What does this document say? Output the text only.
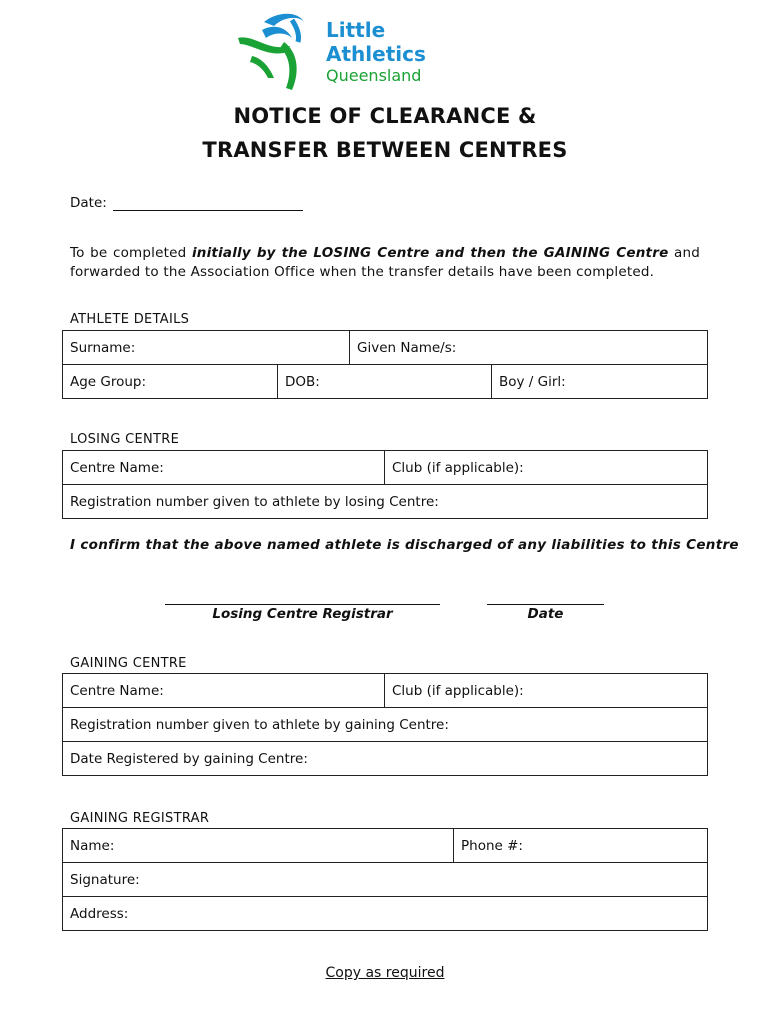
Little
Athletics
Queensland
NOTICE OF CLEARANCE &
TRANSFER BETWEEN CENTRES
Date:
To be completed initially by the LOSING Centre and then the GAINING Centre and forwarded to the Association Office when the transfer details have been completed.
ATHLETE DETAILS
Surname:		Given Name/s:	
Age Group:	DOB:		Boy / Girl:
LOSING CENTRE
Centre Name:	Club (if applicable):
Registration number given to athlete by losing Centre:
I confirm that the above named athlete is discharged of any liabilities to this Centre
Losing Centre Registrar	Date
GAINING CENTRE
Centre Name:	Club (if applicable):
Registration number given to athlete by gaining Centre:
Date Registered by gaining Centre:
GAINING REGISTRAR
Name:	Phone #:
Signature:
Address:
Copy as required
